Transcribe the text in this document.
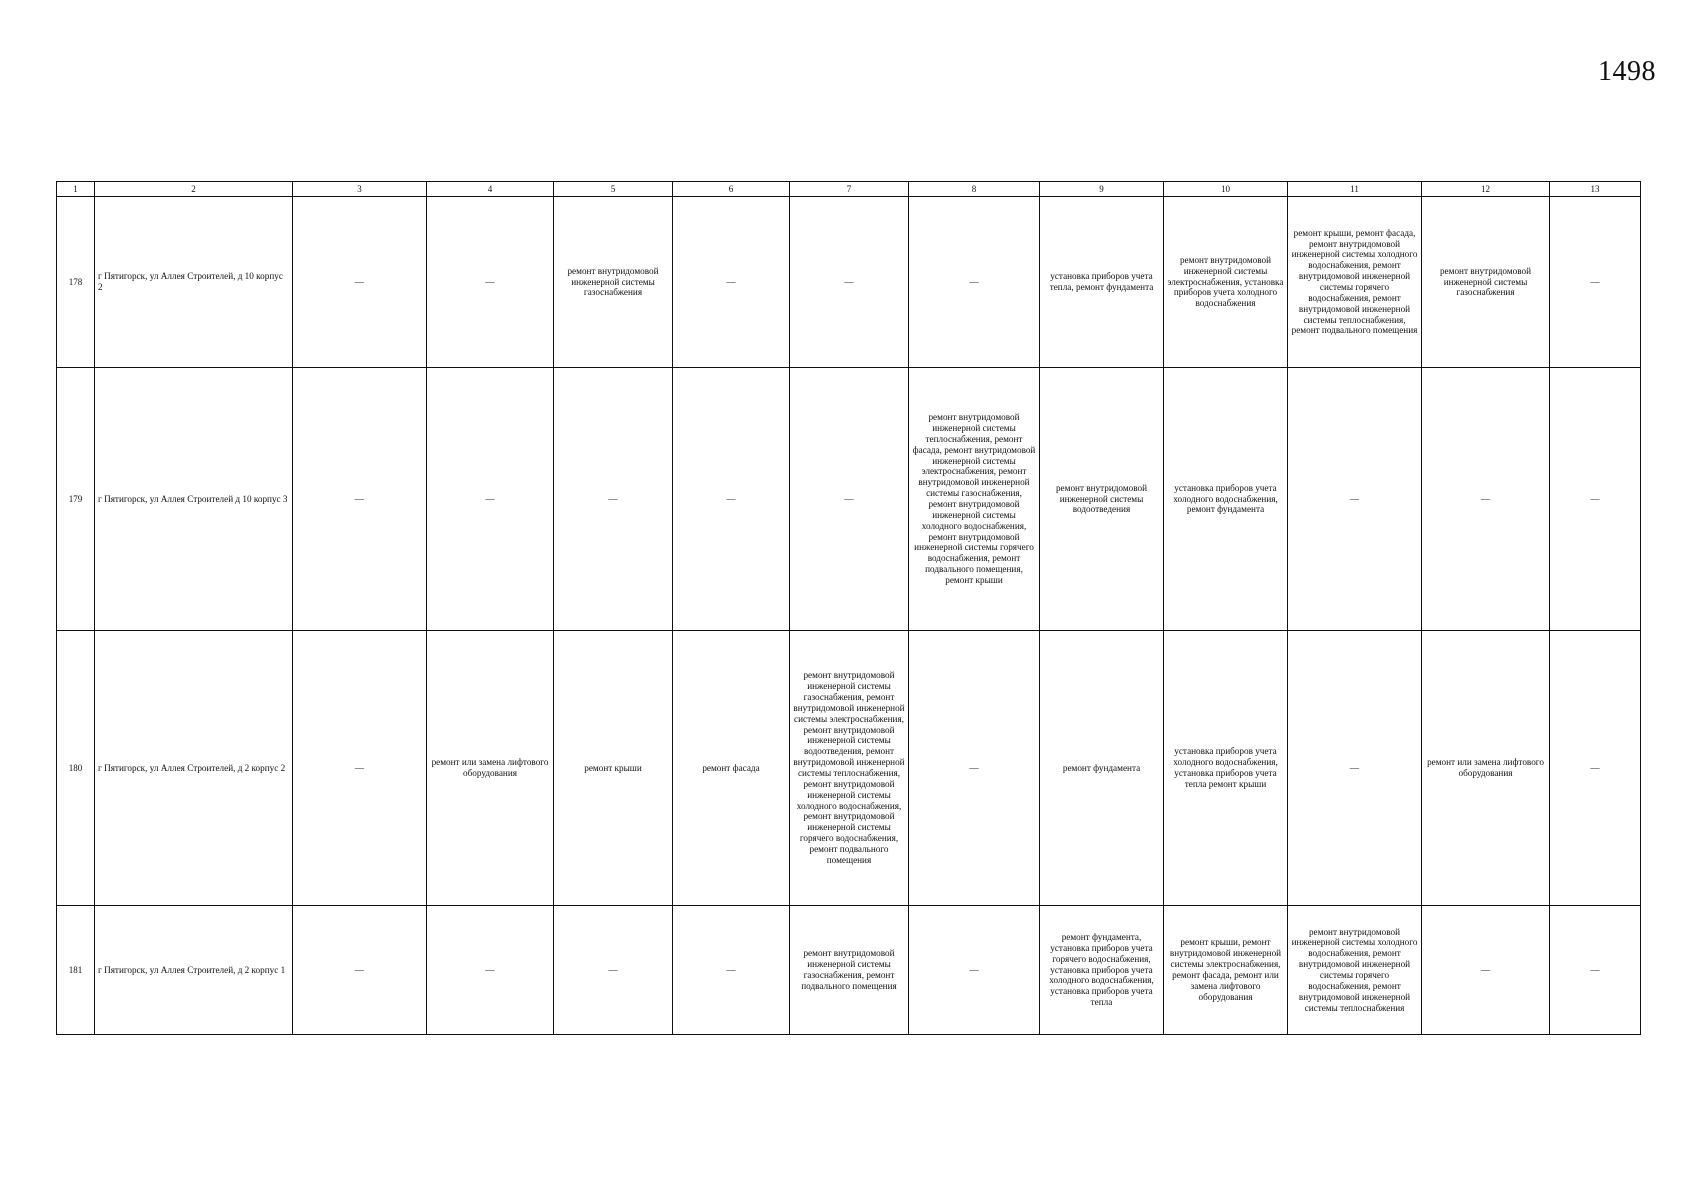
1498
1	2	3	4	5	6	7	8	9	10	11	12	13
178	г Пятигорск, ул Аллея Строителей, д 10 корпус 2	—	—	ремонт внутридомовой инженерной системы газоснабжения	—	—	—	установка приборов учета тепла, ремонт фундамента	ремонт внутридомовой инженерной системы электроснабжения, установка приборов учета холодного водоснабжения	ремонт крыши, ремонт фасада, ремонт внутридомовой инженерной системы холодного водоснабжения, ремонт внутридомовой инженерной системы горячего водоснабжения, ремонт внутридомовой инженерной системы теплоснабжения, ремонт подвального помещения	ремонт внутридомовой инженерной системы газоснабжения	—
179	г Пятигорск, ул Аллея Строителей д 10 корпус 3	—	—	—	—	—	ремонт внутридомовой инженерной системы теплоснабжения, ремонт фасада, ремонт внутридомовой инженерной системы электроснабжения, ремонт внутридомовой инженерной системы газоснабжения, ремонт внутридомовой инженерной системы холодного водоснабжения, ремонт внутридомовой инженерной системы горячего водоснабжения, ремонт подвального помещения, ремонт крыши	ремонт внутридомовой инженерной системы водоотведения	установка приборов учета холодного водоснабжения, ремонт фундамента	—	—	—
180	г Пятигорск, ул Аллея Строителей, д 2 корпус 2	—	ремонт или замена лифтового оборудования	ремонт крыши	ремонт фасада	ремонт внутридомовой инженерной системы газоснабжения, ремонт внутридомовой инженерной системы электроснабжения, ремонт внутридомовой инженерной системы водоотведения, ремонт внутридомовой инженерной системы теплоснабжения, ремонт внутридомовой инженерной системы холодного водоснабжения, ремонт внутридомовой инженерной системы горячего водоснабжения, ремонт подвального помещения	—	ремонт фундамента	установка приборов учета холодного водоснабжения, установка приборов учета тепла ремонт крыши	—	ремонт или замена лифтового оборудования	—
181	г Пятигорск, ул Аллея Строителей, д 2 корпус 1	—	—	—	—	ремонт внутридомовой инженерной системы газоснабжения, ремонт подвального помещения	—	ремонт фундамента, установка приборов учета горячего водоснабжения, установка приборов учета холодного водоснабжения, установка приборов учета тепла	ремонт крыши, ремонт внутридомовой инженерной системы электроснабжения, ремонт фасада, ремонт или замена лифтового оборудования	ремонт внутридомовой инженерной системы холодного водоснабжения, ремонт внутридомовой инженерной системы горячего водоснабжения, ремонт внутридомовой инженерной системы теплоснабжения	—	—
